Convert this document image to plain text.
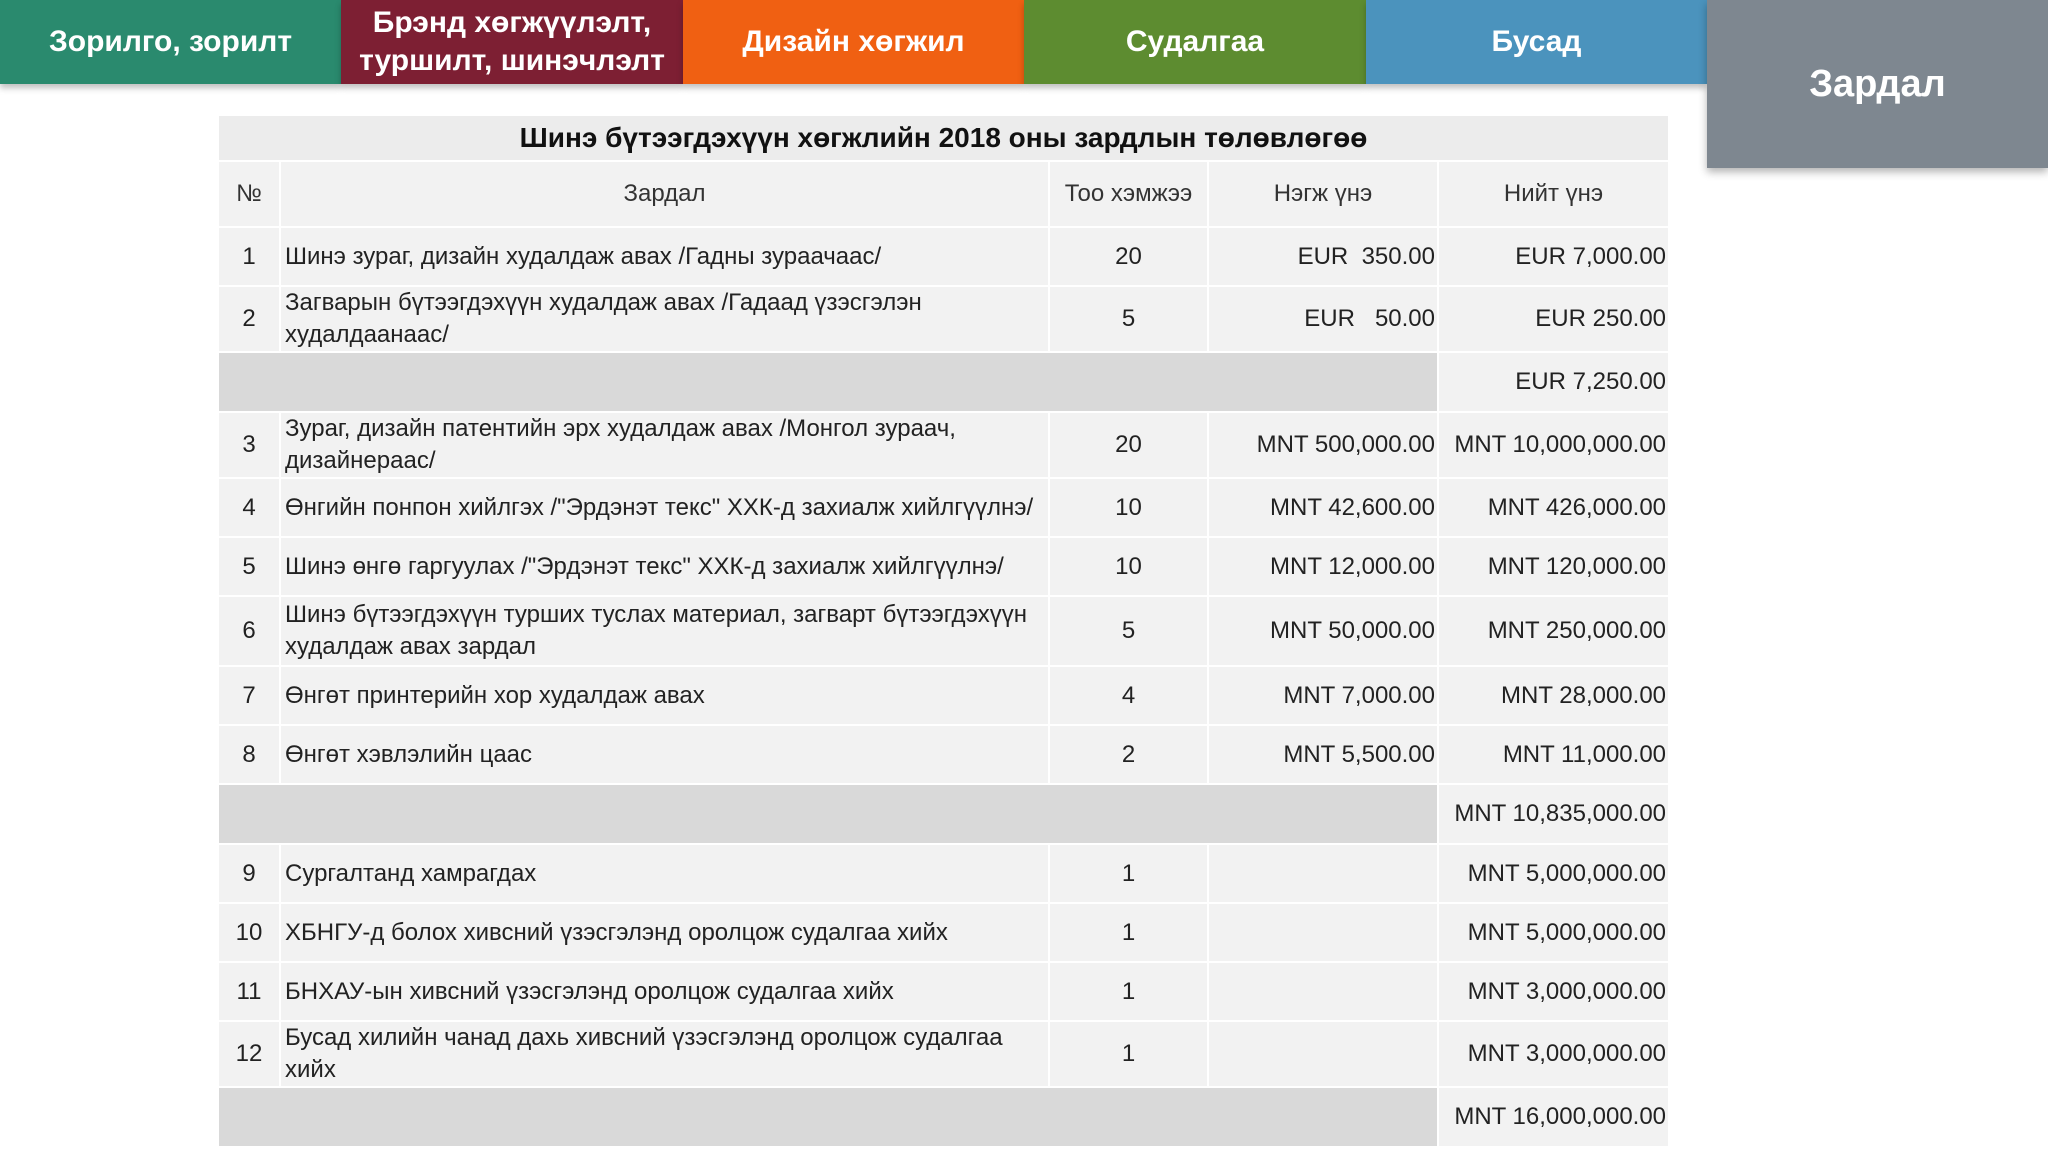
Зорилго, зорилт
Брэнд хөгжүүлэлт,
туршилт, шинэчлэлт
Дизайн хөгжил	Судалгаа	Бусад
Зардал
Шинэ бүтээгдэхүүн хөгжлийн 2018 оны зардлын төлөвлөгөө				
№	Зардал	Тоо хэмжээ	Нэгж үнэ	Нийт үнэ
1	Шинэ зураг, дизайн худалдаж авах /Гадны зураачаас/	20	EUR  350.00	EUR 7,000.00
2	Загварын бүтээгдэхүүн худалдаж авах /Гадаад үзэсгэлэн худалдаанаас/	5	EUR   50.00	EUR 250.00
				EUR 7,250.00
3	Зураг, дизайн патентийн эрх худалдаж авах /Монгол зураач, дизайнераас/	20	MNT 500,000.00	MNT 10,000,000.00
4	Өнгийн понпон хийлгэх /"Эрдэнэт текс" ХХК-д захиалж хийлгүүлнэ/	10	MNT 42,600.00	MNT 426,000.00
5	Шинэ өнгө гаргуулах /"Эрдэнэт текс" ХХК-д захиалж хийлгүүлнэ/	10	MNT 12,000.00	MNT 120,000.00
6	Шинэ бүтээгдэхүүн турших туслах материал, загварт бүтээгдэхүүн худалдаж авах зардал	5	MNT 50,000.00	MNT 250,000.00
7	Өнгөт принтерийн хор худалдаж авах	4	MNT 7,000.00	MNT 28,000.00
8	Өнгөт хэвлэлийн цаас	2	MNT 5,500.00	MNT 11,000.00
				MNT 10,835,000.00
9	Сургалтанд хамрагдах	1		MNT 5,000,000.00
10	ХБНГУ-д болох хивсний үзэсгэлэнд оролцож судалгаа хийх	1		MNT 5,000,000.00
11	БНХАУ-ын хивсний үзэсгэлэнд оролцож судалгаа хийх	1		MNT 3,000,000.00
12	Бусад хилийн чанад дахь хивсний үзэсгэлэнд оролцож судалгаа хийх	1		MNT 3,000,000.00
				MNT 16,000,000.00
